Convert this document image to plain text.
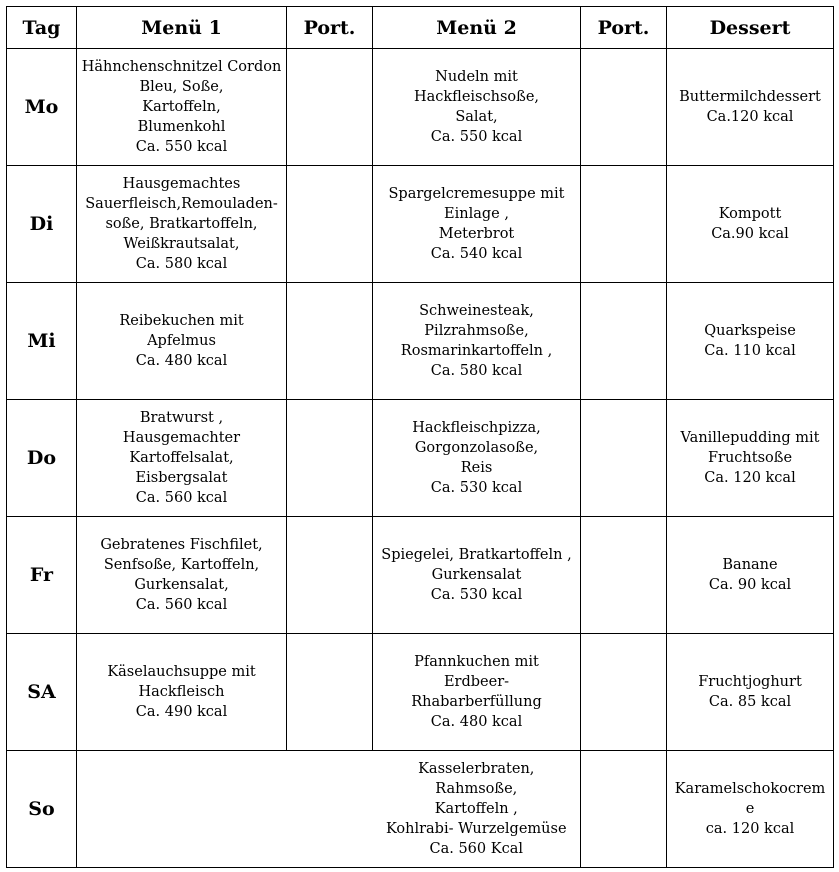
Tag	Menü 1	Port.	Menü 2	Port.	Dessert
Mo	Hähnchenschnitzel Cordon
Bleu, Soße,
Kartoffeln,
Blumenkohl
Ca. 550 kcal		Nudeln mit
Hackfleischsoße,
Salat,
Ca. 550 kcal		Buttermilchdessert
Ca.120 kcal

Di	Hausgemachtes
Sauerfleisch,Remouladen-
soße, Bratkartoffeln,
Weißkrautsalat,
Ca. 580 kcal		Spargelcremesuppe mit
Einlage ,
Meterbrot
Ca. 540 kcal		Kompott
Ca.90 kcal

Mi	Reibekuchen mit
Apfelmus
Ca. 480 kcal		Schweinesteak,
Pilzrahmsoße,
Rosmarinkartoffeln ,
Ca. 580 kcal		Quarkspeise
Ca. 110 kcal

Do	Bratwurst ,
Hausgemachter
Kartoffelsalat,
Eisbergsalat
Ca. 560 kcal		Hackfleischpizza,
Gorgonzolasoße,
Reis
Ca. 530 kcal		Vanillepudding mit
Fruchtsoße
Ca. 120 kcal

Fr	Gebratenes Fischfilet,
Senfsoße, Kartoffeln,
Gurkensalat,
Ca. 560 kcal		Spiegelei, Bratkartoffeln ,
Gurkensalat
Ca. 530 kcal		Banane
Ca. 90 kcal

SA	Käselauchsuppe mit
Hackfleisch
Ca. 490 kcal		Pfannkuchen mit
Erdbeer-
Rhabarberfüllung
Ca. 480 kcal		Fruchtjoghurt
Ca. 85 kcal

So			Kasselerbraten,
Rahmsoße,
Kartoffeln ,
Kohlrabi- Wurzelgemüse
Ca. 560 Kcal		Karamelschokocrem
e
ca. 120 kcal
